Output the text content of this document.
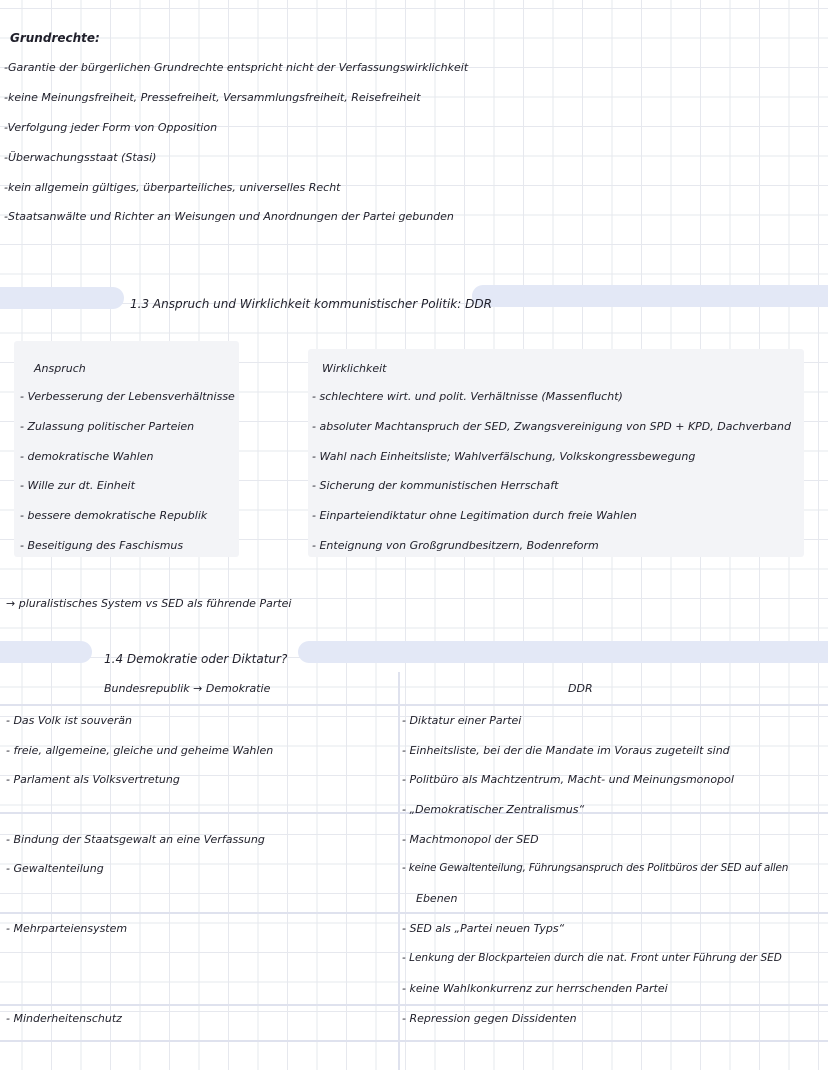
Grundrechte:
-Garantie der bürgerlichen Grundrechte entspricht nicht der Verfassungswirklichkeit
-keine Meinungsfreiheit, Pressefreiheit, Versammlungsfreiheit, Reisefreiheit
-Verfolgung jeder Form von Opposition
-Überwachungsstaat (Stasi)
-kein allgemein gültiges, überparteiliches, universelles Recht
-Staatsanwälte und Richter an Weisungen und Anordnungen der Partei gebunden
1.3 Anspruch und Wirklichkeit kommunistischer Politik: DDR
Anspruch
- Verbesserung der Lebensverhältnisse
- Zulassung politischer Parteien
- demokratische Wahlen
- Wille zur dt. Einheit
- bessere demokratische Republik
- Beseitigung des Faschismus
Wirklichkeit
- schlechtere wirt. und polit. Verhältnisse (Massenflucht)
- absoluter Machtanspruch der SED, Zwangsvereinigung von SPD + KPD, Dachverband
- Wahl nach Einheitsliste; Wahlverfälschung, Volkskongressbewegung
- Sicherung der kommunistischen Herrschaft
- Einparteiendiktatur ohne Legitimation durch freie Wahlen
- Enteignung von Großgrundbesitzern, Bodenreform
→ pluralistisches System vs SED als führende Partei
1.4 Demokratie oder Diktatur?
Bundesrepublik → Demokratie	DDR
- Das Volk ist souverän
- freie, allgemeine, gleiche und geheime Wahlen
- Parlament als Volksvertretung
- Bindung der Staatsgewalt an eine Verfassung
- Gewaltenteilung
- Mehrparteiensystem
- Minderheitenschutz
- Diktatur einer Partei
- Einheitsliste, bei der die Mandate im Voraus zugeteilt sind
- Politbüro als Machtzentrum, Macht- und Meinungsmonopol
- „Demokratischer Zentralismus“
- Machtmonopol der SED
- keine Gewaltenteilung, Führungsanspruch des Politbüros der SED auf allen
Ebenen
- SED als „Partei neuen Typs“
- Lenkung der Blockparteien durch die nat. Front unter Führung der SED
- keine Wahlkonkurrenz zur herrschenden Partei
- Repression gegen Dissidenten
